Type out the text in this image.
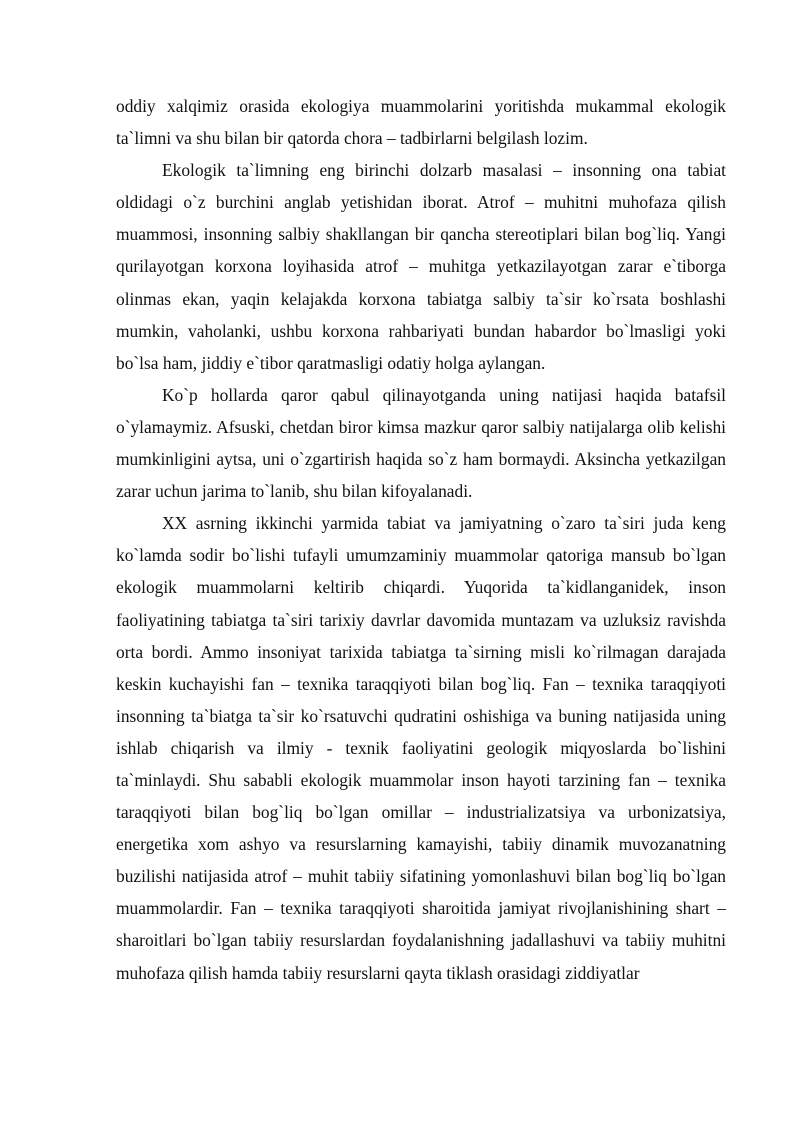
oddiy xalqimiz orasida ekologiya muammolarini yoritishda mukammal ekologik ta`limni va shu bilan bir qatorda chora – tadbirlarni belgilash lozim.

Ekologik ta`limning eng birinchi dolzarb masalasi – insonning ona tabiat oldidagi o`z burchini anglab yetishidan iborat. Atrof – muhitni muhofaza qilish muammosi, insonning salbiy shakllangan bir qancha stereotiplari bilan bog`liq. Yangi qurilayotgan korxona loyihasida atrof – muhitga yetkazilayotgan zarar e`tiborga olinmas ekan, yaqin kelajakda korxona tabiatga salbiy ta`sir ko`rsata boshlashi mumkin, vaholanki, ushbu korxona rahbariyati bundan habardor bo`lmasligi yoki bo`lsa ham, jiddiy e`tibor qaratmasligi odatiy holga aylangan.

Ko`p hollarda qaror qabul qilinayotganda uning natijasi haqida batafsil o`ylamaymiz. Afsuski, chetdan biror kimsa mazkur qaror salbiy natijalarga olib kelishi mumkinligini aytsa, uni o`zgartirish haqida so`z ham bormaydi. Aksincha yetkazilgan zarar uchun jarima to`lanib, shu bilan kifoyalanadi.

XX asrning ikkinchi yarmida tabiat va jamiyatning o`zaro ta`siri juda keng ko`lamda sodir bo`lishi tufayli umumzaminiy muammolar qatoriga mansub bo`lgan ekologik muammolarni keltirib chiqardi. Yuqorida ta`kidlanganidek, inson faoliyatining tabiatga ta`siri tarixiy davrlar davomida muntazam va uzluksiz ravishda orta bordi. Ammo insoniyat tarixida tabiatga ta`sirning misli ko`rilmagan darajada keskin kuchayishi fan – texnika taraqqiyoti bilan bog`liq. Fan – texnika taraqqiyoti insonning ta`biatga ta`sir ko`rsatuvchi qudratini oshishiga va buning natijasida uning ishlab chiqarish va ilmiy - texnik faoliyatini geologik miqyoslarda bo`lishini ta`minlaydi. Shu sababli ekologik muammolar inson hayoti tarzining fan – texnika taraqqiyoti bilan bog`liq bo`lgan omillar – industrializatsiya va urbonizatsiya, energetika xom ashyo va resurslarning kamayishi, tabiiy dinamik muvozanatning buzilishi natijasida atrof – muhit tabiiy sifatining yomonlashuvi bilan bog`liq bo`lgan muammolardir. Fan – texnika taraqqiyoti sharoitida jamiyat rivojlanishining shart – sharoitlari bo`lgan tabiiy resurslardan foydalanishning jadallashuvi va tabiiy muhitni muhofaza qilish hamda tabiiy resurslarni qayta tiklash orasidagi ziddiyatlar
